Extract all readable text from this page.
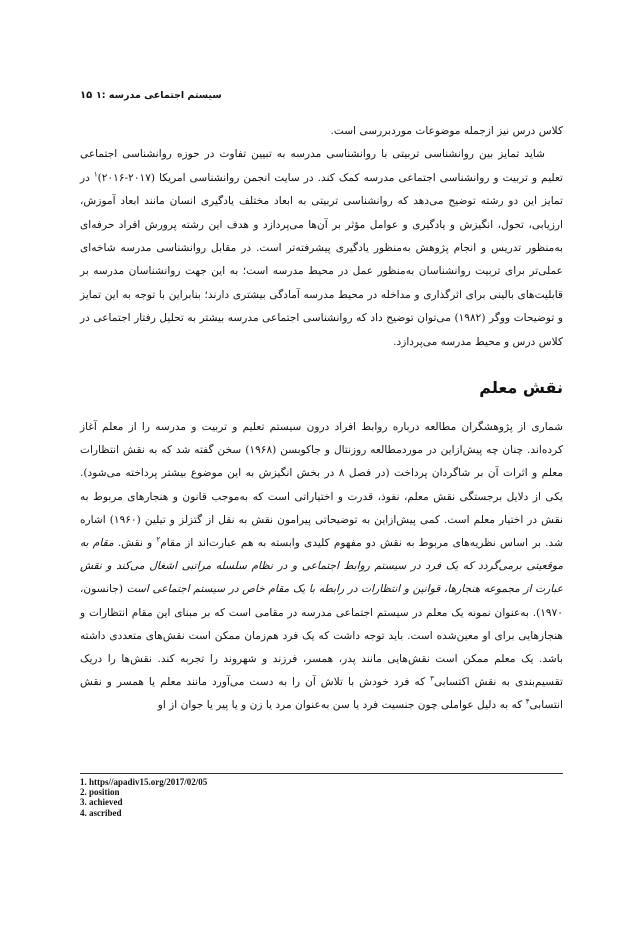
۱: سیستم اجتماعی مدرسه
۱۵

کلاس درس نیز ازجمله موضوعات موردبررسی است.

شاید تمایز بین روانشناسی تربیتی با روانشناسی مدرسه به تبیین تفاوت در حوزه روانشناسی اجتماعی تعلیم و تربیت و روانشناسی اجتماعی مدرسه کمک کند. در سایت انجمن روانشناسی امریکا (۲۰۱۷-۲۰۱۶)$^۱$ در تمایز این دو رشته توضیح می‌دهد که روانشناسی تربیتی به ابعاد مختلف یادگیری انسان مانند ابعاد آموزش، ارزیابی، تحول، انگیزش و یادگیری و عوامل مؤثر بر آن‌ها می‌پردازد و هدف این رشته پرورش افراد حرفه‌ای به‌منظور تدریس و انجام پژوهش به‌منظور یادگیری پیشرفته‌تر است. در مقابل روانشناسی مدرسه شاخه‌ای عملی‌تر برای تربیت روانشناسان به‌منظور عمل در محیط مدرسه است؛ به این جهت روانشناسان مدرسه بر قابلیت‌های بالینی برای اثرگذاری و مداخله در محیط مدرسه آمادگی بیشتری دارند؛ بنابراین با توجه به این تمایز و توضیحات ووگر (۱۹۸۲) می‌توان توضیح داد که روانشناسی اجتماعی مدرسه بیشتر به تحلیل رفتار اجتماعی در کلاس درس و محیط مدرسه می‌پردازد.

نقش معلم

شماری از پژوهشگران مطالعه درباره روابط افراد درون سیستم تعلیم و تربیت و مدرسه را از معلم آغاز کرده‌اند. چنان چه پیش‌ازاین در موردمطالعه روزنتال و جاکوبسن (۱۹۶۸) سخن گفته شد که به نقش انتظارات معلم و اثرات آن بر شاگردان پرداخت (در فصل ۸ در بخش انگیزش به این موضوع بیشتر پرداخته می‌شود). یکی از دلایل برجستگی نقش معلم، نفوذ، قدرت و اختیاراتی است که به‌موجب قانون و هنجارهای مربوط به نقش در اختیار معلم است. کمی پیش‌ازاین به توضیحاتی پیرامون نقش به نقل از گتزلز و تیلین (۱۹۶۰) اشاره شد. بر اساس نظریه‌های مربوط به نقش دو مفهوم کلیدی وابسته به هم عبارت‌اند از مقام$^۲$ و نقش. مقام به موقعیتی برمی‌گردد که یک فرد در سیستم روابط اجتماعی و در نظام سلسله مراتبی اشغال می‌کند و نقش عبارت از مجموعه هنجارها، قوانین و انتظارات در رابطه با یک مقام خاص در سیستم اجتماعی است (جانسون، ۱۹۷۰). به‌عنوان نمونه یک معلم در سیستم اجتماعی مدرسه در مقامی است که بر مبنای این مقام انتظارات و هنجارهایی برای او معین‌شده است. باید توجه داشت که یک فرد هم‌زمان ممکن است نقش‌های متعددی داشته باشد. یک معلم ممکن است نقش‌هایی مانند پدر، همسر، فرزند و شهروند را تجربه کند. نقش‌ها را دریک تقسیم‌بندی به نقش اکتسابی$^۳$ که فرد خودش با تلاش آن را به دست می‌آورد مانند معلم یا همسر و نقش انتسابی$^۴$ که به دلیل عواملی چون جنسیت فرد یا سن به‌عنوان مرد یا زن و یا پیر یا جوان از او

1. https//apadiv15.org/2017/02/05
2. position
3. achieved
4. ascribed
